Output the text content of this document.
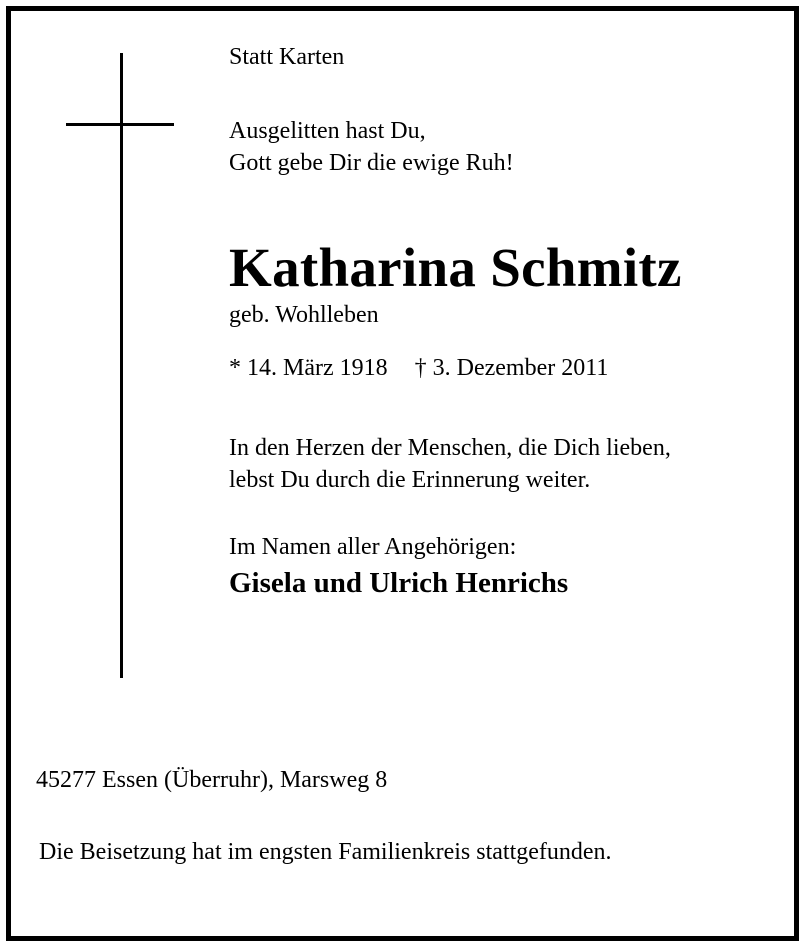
Statt Karten
Ausgelitten hast Du,
Gott gebe Dir die ewige Ruh!
Katharina Schmitz
geb. Wohlleben
* 14. März 1918 † 3. Dezember 2011
In den Herzen der Menschen, die Dich lieben,
lebst Du durch die Erinnerung weiter.
Im Namen aller Angehörigen:
Gisela und Ulrich Henrichs
45277 Essen (Überruhr), Marsweg 8
Die Beisetzung hat im engsten Familienkreis stattgefunden.
